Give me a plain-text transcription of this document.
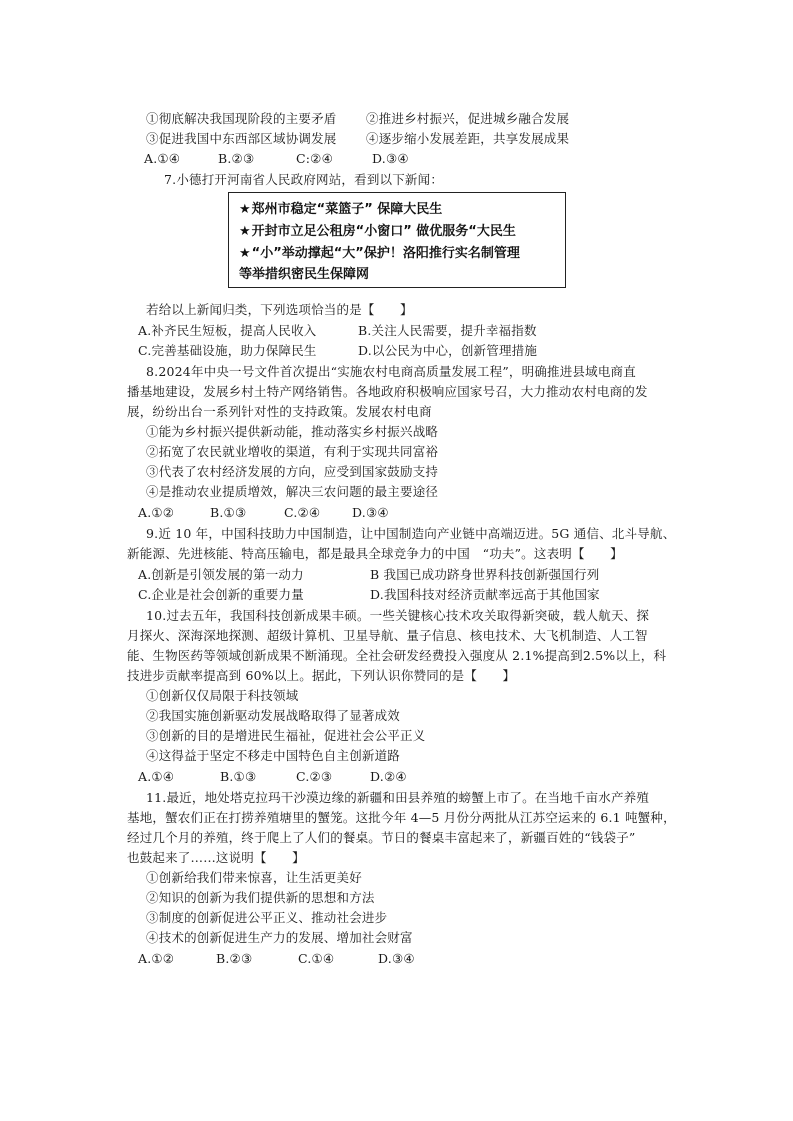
①彻底解决我国现阶段的主要矛盾 ②推进乡村振兴，促进城乡融合发展
③促进我国中东西部区域协调发展 ④逐步缩小发展差距，共享发展成果
A.①④	B.②③	C:②④	D.③④
7.小德打开河南省人民政府网站，看到以下新闻：
★郑州市稳定“菜篮子” 保障大民生
★开封市立足公租房“小窗口” 做优服务“大民生
★“小”举动撑起“大”保护！洛阳推行实名制管理
等举措织密民生保障网
若给以上新闻归类，下列选项恰当的是【　　】
A.补齐民生短板，提高人民收入	B.关注人民需要，提升幸福指数
C.完善基础设施，助力保障民生	D.以公民为中心，创新管理措施
8.2024年中央一号文件首次提出“实施农村电商高质量发展工程”，明确推进县域电商直
播基地建设，发展乡村土特产网络销售。各地政府积极响应国家号召，大力推动农村电商的发
展，纷纷出台一系列针对性的支持政策。发展农村电商
①能为乡村振兴提供新动能，推动落实乡村振兴战略
②拓宽了农民就业增收的渠道，有利于实现共同富裕
③代表了农村经济发展的方向，应受到国家鼓励支持
④是推动农业提质增效，解决三农问题的最主要途径
A.①②	B.①③	C.②④	D.③④
9.近 10 年，中国科技助力中国制造，让中国制造向产业链中高端迈进。5G 通信、北斗导航、
新能源、先进核能、特高压输电，都是最具全球竞争力的中国　“功夫”。这表明【　　】
A.创新是引领发展的第一动力	B 我国已成功跻身世界科技创新强国行列
C.企业是社会创新的重要力量	D.我国科技对经济贡献率远高于其他国家
10.过去五年，我国科技创新成果丰硕。一些关键核心技术攻关取得新突破，载人航天、探
月探火、深海深地探测、超级计算机、卫星导航、量子信息、核电技术、大飞机制造、人工智
能、生物医药等领域创新成果不断涌现。全社会研发经费投入强度从 2.1%提高到2.5%以上，科
技进步贡献率提高到 60%以上。据此，下列认识你赞同的是【　　】
①创新仅仅局限于科技领域
②我国实施创新驱动发展战略取得了显著成效
③创新的目的是增进民生福祉，促进社会公平正义
④这得益于坚定不移走中国特色自主创新道路
A.①④	B.①③	C.②③	D.②④
11.最近，地处塔克拉玛干沙漠边缘的新疆和田县养殖的螃蟹上市了。在当地千亩水产养殖
基地，蟹农们正在打捞养殖塘里的蟹笼。这批今年 4—5 月份分两批从江苏空运来的 6.1 吨蟹种，
经过几个月的养殖，终于爬上了人们的餐桌。节日的餐桌丰富起来了，新疆百姓的“钱袋子”
也鼓起来了……这说明【　　】
①创新给我们带来惊喜，让生活更美好
②知识的创新为我们提供新的思想和方法
③制度的创新促进公平正义、推动社会进步
④技术的创新促进生产力的发展、增加社会财富
A.①②	B.②③	C.①④	D.③④
